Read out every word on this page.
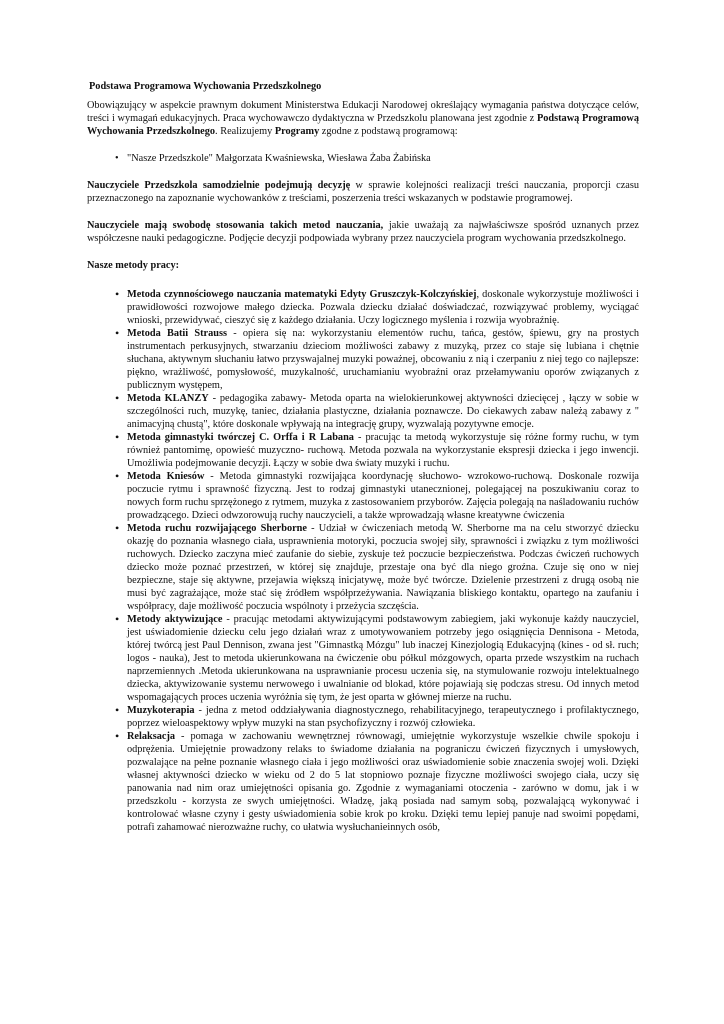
Podstawa Programowa Wychowania Przedszkolnego

Obowiązujący w aspekcie prawnym dokument Ministerstwa Edukacji Narodowej określający wymagania państwa dotyczące celów, treści i wymagań edukacyjnych. Praca wychowawczo dydaktyczna w Przedszkolu planowana jest zgodnie z Podstawą Programową Wychowania Przedszkolnego. Realizujemy Programy zgodne z podstawą programową:

• "Nasze Przedszkole" Małgorzata Kwaśniewska, Wiesława Żaba Żabińska

Nauczyciele Przedszkola samodzielnie podejmują decyzję w sprawie kolejności realizacji treści nauczania, proporcji czasu przeznaczonego na zapoznanie wychowanków z treściami, poszerzenia treści wskazanych w podstawie programowej.

Nauczyciele mają swobodę stosowania takich metod nauczania, jakie uważają za najwłaściwsze spośród uznanych przez współczesne nauki pedagogiczne. Podjęcie decyzji podpowiada wybrany przez nauczyciela program wychowania przedszkolnego.

Nasze metody pracy:

• Metoda czynnościowego nauczania matematyki Edyty Gruszczyk-Kolczyńskiej, doskonale wykorzystuje możliwości i prawidłowości rozwojowe małego dziecka. Pozwala dziecku działać doświadczać, rozwiązywać problemy, wyciągać wnioski, przewidywać, cieszyć się z każdego działania. Uczy logicznego myślenia i rozwija wyobraźnię.
• Metoda Batii Strauss - opiera się na: wykorzystaniu elementów ruchu, tańca, gestów, śpiewu, gry na prostych instrumentach perkusyjnych, stwarzaniu dzieciom możliwości zabawy z muzyką, przez co staje się lubiana i chętnie słuchana, aktywnym słuchaniu łatwo przyswajalnej muzyki poważnej, obcowaniu z nią i czerpaniu z niej tego co najlepsze: piękno, wrażliwość, pomysłowość, muzykalność, uruchamianiu wyobraźni oraz przełamywaniu oporów związanych z publicznym występem,
• Metoda KLANZY - pedagogika zabawy- Metoda oparta na wielokierunkowej aktywności dziecięcej , łączy w sobie w szczególności ruch, muzykę, taniec, działania plastyczne, działania poznawcze. Do ciekawych zabaw należą zabawy z " animacyjną chustą", które doskonale wpływają na integrację grupy, wyzwalają pozytywne emocje.
• Metoda gimnastyki twórczej C. Orffa i R Labana - pracując ta metodą wykorzystuje się różne formy ruchu, w tym również pantomimę, opowieść muzyczno- ruchową. Metoda pozwala na wykorzystanie ekspresji dziecka i jego inwencji. Umożliwia podejmowanie decyzji. Łączy w sobie dwa światy muzyki i ruchu.
• Metoda Kniesów - Metoda gimnastyki rozwijająca koordynację słuchowo- wzrokowo-ruchową. Doskonale rozwija poczucie rytmu i sprawność fizyczną. Jest to rodzaj gimnastyki utanecznionej, polegającej na poszukiwaniu coraz to nowych form ruchu sprzężonego z rytmem, muzyka z zastosowaniem przyborów. Zajęcia polegają na naśladowaniu ruchów prowadzącego. Dzieci odwzorowują ruchy nauczycieli, a także wprowadzają własne kreatywne ćwiczenia
• Metoda ruchu rozwijającego Sherborne - Udział w ćwiczeniach metodą W. Sherborne ma na celu stworzyć dziecku okazję do poznania własnego ciała, usprawnienia motoryki, poczucia swojej siły, sprawności i związku z tym możliwości ruchowych. Dziecko zaczyna mieć zaufanie do siebie, zyskuje też poczucie bezpieczeństwa. Podczas ćwiczeń ruchowych dziecko może poznać przestrzeń, w której się znajduje, przestaje ona być dla niego groźna. Czuje się ono w niej bezpieczne, staje się aktywne, przejawia większą inicjatywę, może być twórcze. Dzielenie przestrzeni z drugą osobą nie musi być zagrażające, może stać się źródłem współprzeżywania. Nawiązania bliskiego kontaktu, opartego na zaufaniu i współpracy, daje możliwość poczucia wspólnoty i przeżycia szczęścia.
• Metody aktywizujące - pracując metodami aktywizującymi podstawowym zabiegiem, jaki wykonuje każdy nauczyciel, jest uświadomienie dziecku celu jego działań wraz z umotywowaniem potrzeby jego osiągnięcia Dennisona - Metoda, której twórcą jest Paul Dennison, zwana jest "Gimnastką Mózgu" lub inaczej Kinezjologią Edukacyjną (kines - od sł. ruch; logos - nauka), Jest to metoda ukierunkowana na ćwiczenie obu półkul mózgowych, oparta przede wszystkim na ruchach naprzemiennych .Metoda ukierunkowana na usprawnianie procesu uczenia się, na stymulowanie rozwoju intelektualnego dziecka, aktywizowanie systemu nerwowego i uwalnianie od blokad, które pojawiają się podczas stresu. Od innych metod wspomagających proces uczenia wyróżnia się tym, że jest oparta w głównej mierze na ruchu.
• Muzykoterapia - jedna z metod oddziaływania diagnostycznego, rehabilitacyjnego, terapeutycznego i profilaktycznego, poprzez wieloaspektowy wpływ muzyki na stan psychofizyczny i rozwój człowieka.
• Relaksacja - pomaga w zachowaniu wewnętrznej równowagi, umiejętnie wykorzystuje wszelkie chwile spokoju i odprężenia. Umiejętnie prowadzony relaks to świadome działania na pograniczu ćwiczeń fizycznych i umysłowych, pozwalające na pełne poznanie własnego ciała i jego możliwości oraz uświadomienie sobie znaczenia swojej woli. Dzięki własnej aktywności dziecko w wieku od 2 do 5 lat stopniowo poznaje fizyczne możliwości swojego ciała, uczy się panowania nad nim oraz umiejętności opisania go. Zgodnie z wymaganiami otoczenia - zarówno w domu, jak i w przedszkolu - korzysta ze swych umiejętności. Władzę, jaką posiada nad samym sobą, pozwalającą wykonywać i kontrolować własne czyny i gesty uświadomienia sobie krok po kroku. Dzięki temu lepiej panuje nad swoimi popędami, potrafi zahamować nierozważne ruchy, co ułatwia wysłuchanieinnych osób,
